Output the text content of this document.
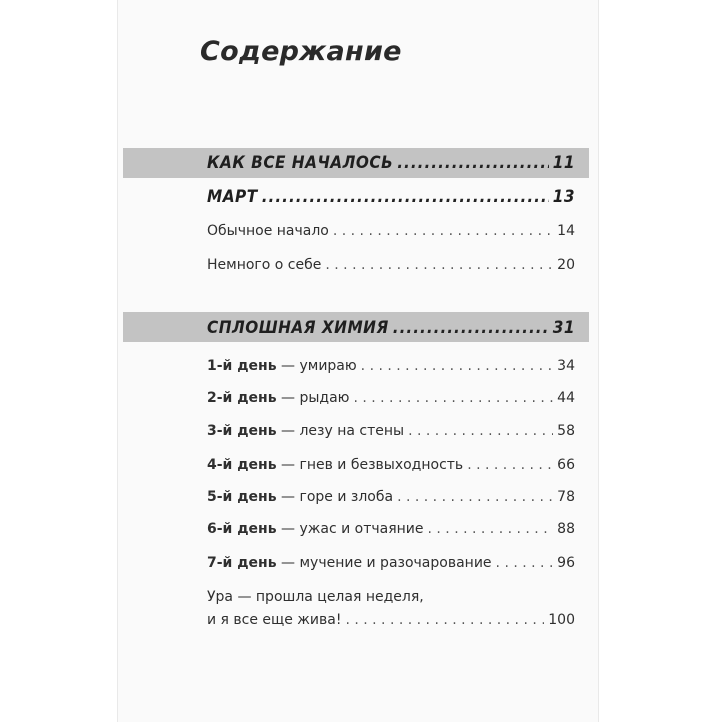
Содержание
КАК ВСЕ НАЧАЛОСЬ .....	11
МАРТ .....	13
Обычное начало . . .	14
Немного о себе . . .	20
СПЛОШНАЯ ХИМИЯ .....	31
1-й день — умираю . . .	34
2-й день — рыдаю . . .	44
3-й день — лезу на стены . . .	58
4-й день — гнев и безвыходность . . .	66
5-й день — горе и злоба . . .	78
6-й день — ужас и отчаяние . . .	88
7-й день — мучение и разочарование . . .	96
Ура — прошла целая неделя,
и я все еще жива! . . .	100
